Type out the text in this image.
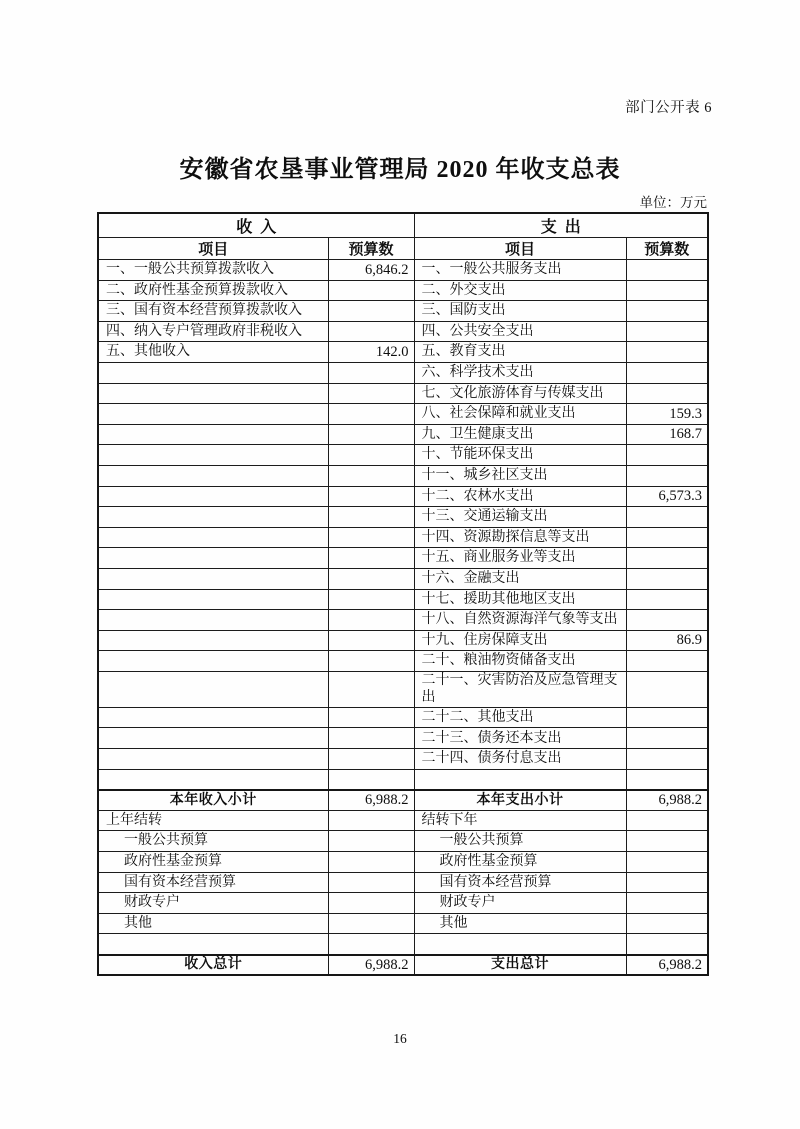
部门公开表 6
安徽省农垦事业管理局 2020 年收支总表
单位：万元
收  入		支  出	
项目	预算数	项目	预算数
一、一般公共预算拨款收入	6,846.2	一、一般公共服务支出	
二、政府性基金预算拨款收入		二、外交支出	
三、国有资本经营预算拨款收入		三、国防支出	
四、纳入专户管理政府非税收入		四、公共安全支出	
五、其他收入	142.0	五、教育支出	
		六、科学技术支出	
		七、文化旅游体育与传媒支出	
		八、社会保障和就业支出	159.3
		九、卫生健康支出	168.7
		十、节能环保支出	
		十一、城乡社区支出	
		十二、农林水支出	6,573.3
		十三、交通运输支出	
		十四、资源勘探信息等支出	
		十五、商业服务业等支出	
		十六、金融支出	
		十七、援助其他地区支出	
		十八、自然资源海洋气象等支出	
		十九、住房保障支出	86.9
		二十、粮油物资储备支出	
		二十一、灾害防治及应急管理支出	
		二十二、其他支出	
		二十三、债务还本支出	
		二十四、债务付息支出	

本年收入小计	6,988.2	本年支出小计	6,988.2
上年结转		结转下年	
一般公共预算		一般公共预算	
政府性基金预算		政府性基金预算	
国有资本经营预算		国有资本经营预算	
财政专户		财政专户	
其他		其他	

收入总计	6,988.2	支出总计	6,988.2
16
